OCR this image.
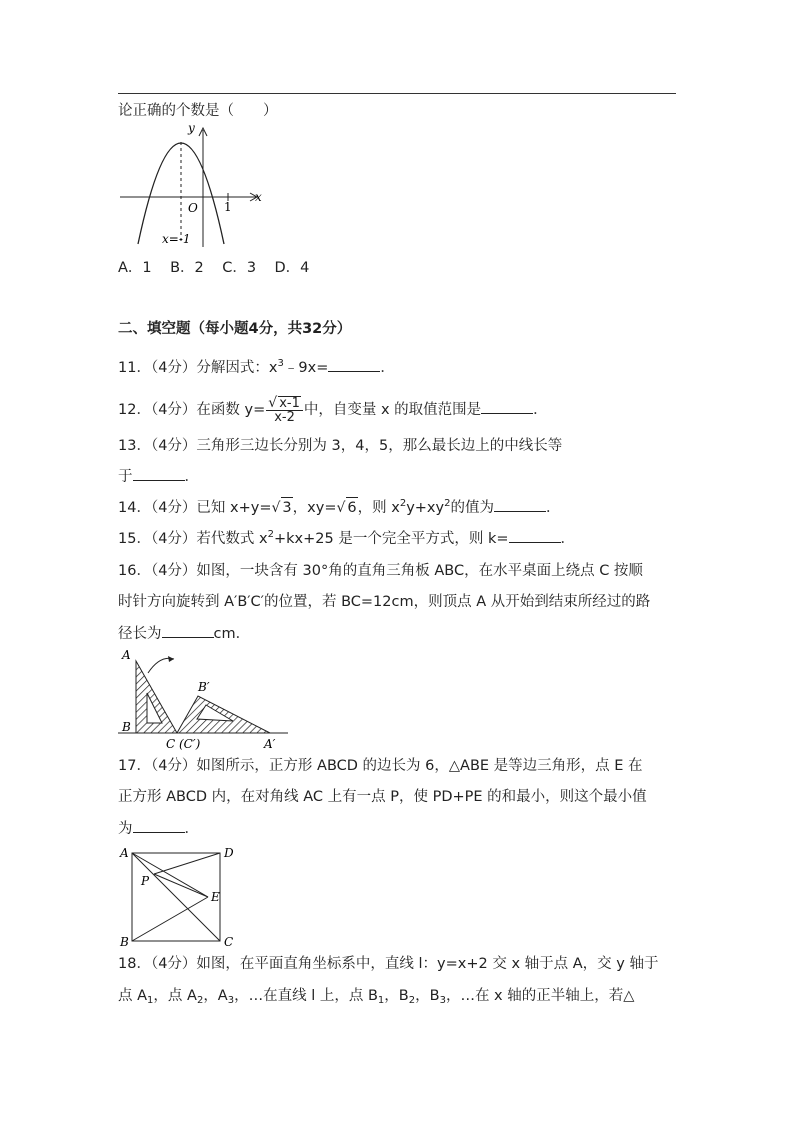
论正确的个数是（　　）
y
x
O 1
x=-1
A．1 B．2 C．3 D．4
二、填空题（每小题4分，共32分）
11．（4分）分解因式：$x^3﹣9x=$	．
12．（4分）在函数 $y= \frac{√ x-1}{x-2}$ 中，自变量 x 的取值范围是	．
13．（4分）三角形三边长分别为 3，4，5，那么最长边上的中线长等
于	．
14．（4分）已知 x+y=√ 3，xy=√ 6，则 $x^2y+xy^2$的值为	．
15．（4分）若代数式 $x^2+kx+25$ 是一个完全平方式，则 k=	．
16．（4分）如图，一块含有 30°角的直角三角板 ABC，在水平桌面上绕点 C 按顺
时针方向旋转到 A′B′C′的位置，若 BC=12cm，则顶点 A 从开始到结束所经过的路
径长为	cm．
A
B
C (C′)
B′
A′
17．（4分）如图所示，正方形 ABCD 的边长为 6，△ABE 是等边三角形，点 E 在
正方形 ABCD 内，在对角线 AC 上有一点 P，使 PD+PE 的和最小，则这个最小值
为	．
A
B	C
D
P
E
18．（4分）如图，在平面直角坐标系中，直线 l：y=x+2 交 x 轴于点 A，交 y 轴于
点 $A_1$，点 $A_2$，$A_3$，…在直线 l 上，点 $B_1$，$B_2$，$B_3$，…在 x 轴的正半轴上，若△
